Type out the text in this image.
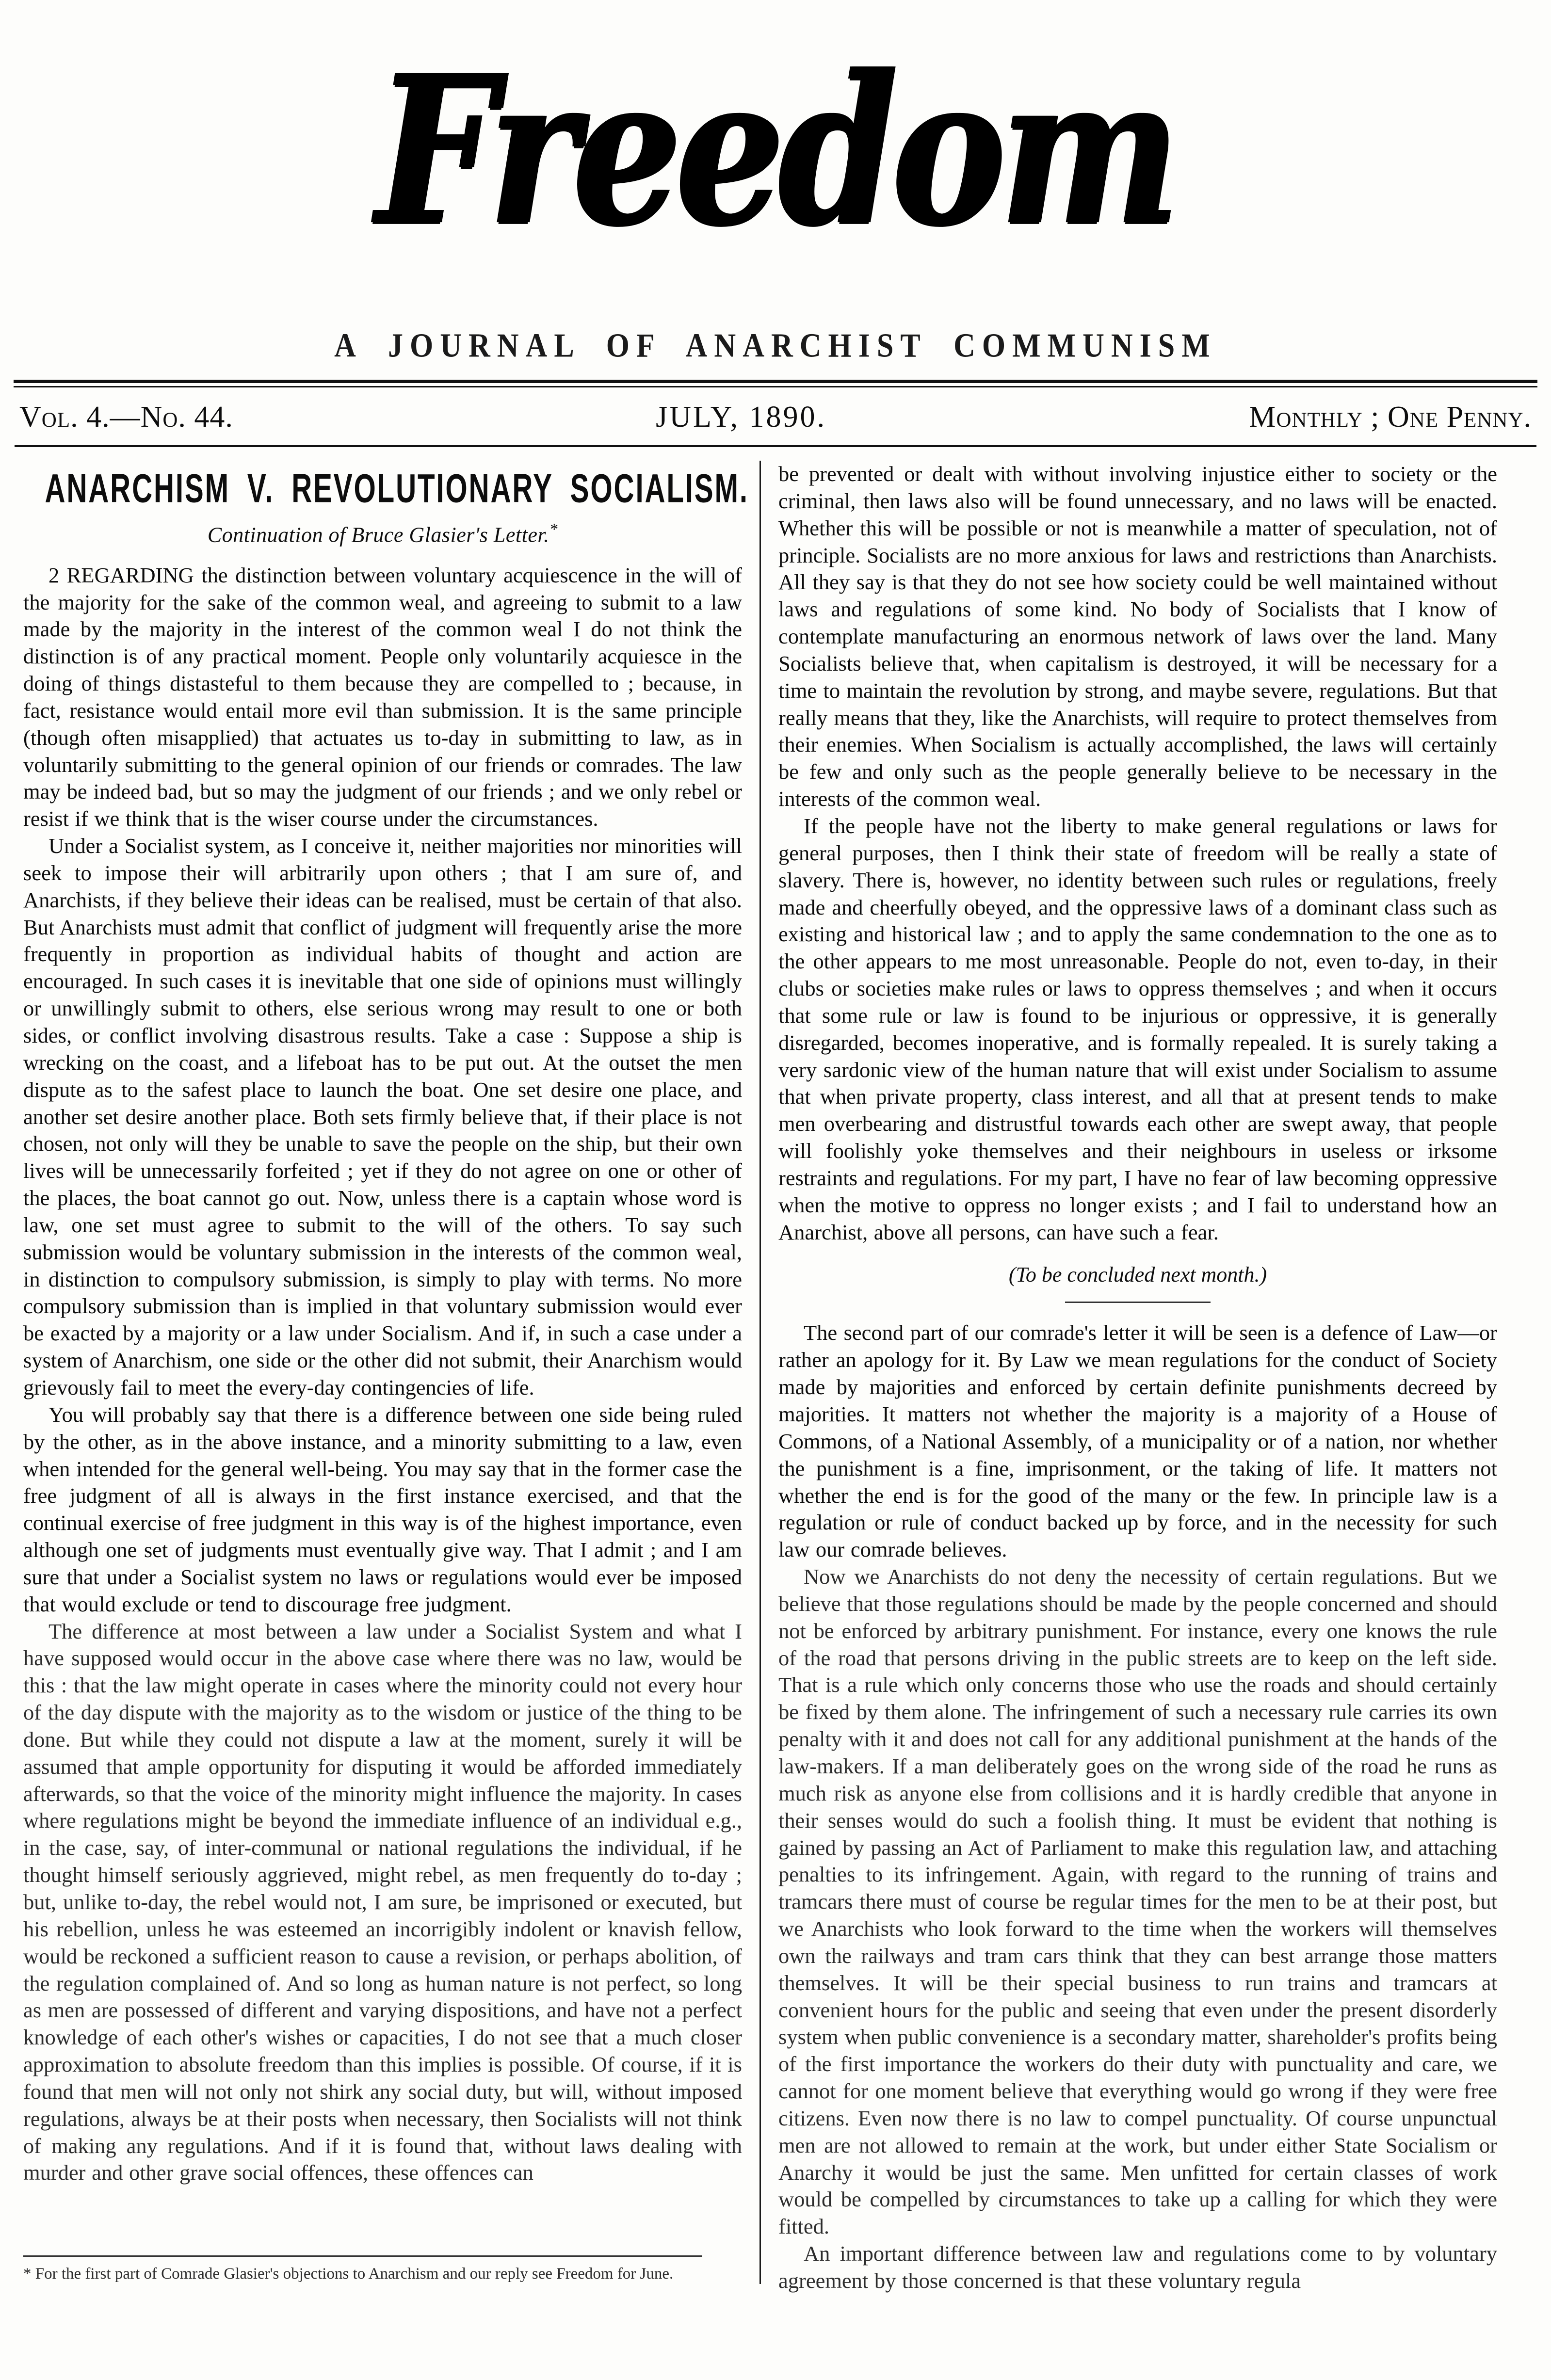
Freedom
A JOURNAL OF ANARCHIST COMMUNISM
Vol. 4.—No. 44.	JULY, 1890.	Monthly ; One Penny.
ANARCHISM V. REVOLUTIONARY SOCIALISM.
Continuation of Bruce Glasier's Letter.*

2 REGARDING the distinction between voluntary acquiescence in the will of the majority for the sake of the common weal, and agreeing to submit to a law made by the majority in the interest of the common weal I do not think the distinction is of any practical moment. People only voluntarily acquiesce in the doing of things distasteful to them because they are compelled to ; because, in fact, resistance would entail more evil than submission. It is the same principle (though often misapplied) that actuates us to-day in submitting to law, as in voluntarily submitting to the general opinion of our friends or comrades. The law may be indeed bad, but so may the judgment of our friends ; and we only rebel or resist if we think that is the wiser course under the circumstances.

Under a Socialist system, as I conceive it, neither majorities nor minorities will seek to impose their will arbitrarily upon others ; that I am sure of, and Anarchists, if they believe their ideas can be realised, must be certain of that also. But Anarchists must admit that conflict of judgment will frequently arise the more frequently in proportion as individual habits of thought and action are encouraged. In such cases it is inevitable that one side of opinions must willingly or unwillingly submit to others, else serious wrong may result to one or both sides, or conflict involving disastrous results. Take a case : Suppose a ship is wrecking on the coast, and a lifeboat has to be put out. At the outset the men dispute as to the safest place to launch the boat. One set desire one place, and another set desire another place. Both sets firmly believe that, if their place is not chosen, not only will they be unable to save the people on the ship, but their own lives will be unnecessarily forfeited ; yet if they do not agree on one or other of the places, the boat cannot go out. Now, unless there is a captain whose word is law, one set must agree to submit to the will of the others. To say such submission would be voluntary submission in the interests of the common weal, in distinction to compulsory submission, is simply to play with terms. No more compulsory submission than is implied in that voluntary submission would ever be exacted by a majority or a law under Socialism. And if, in such a case under a system of Anarchism, one side or the other did not submit, their Anarchism would grievously fail to meet the every-day contingencies of life.

You will probably say that there is a difference between one side being ruled by the other, as in the above instance, and a minority submitting to a law, even when intended for the general well-being. You may say that in the former case the free judgment of all is always in the first instance exercised, and that the continual exercise of free judgment in this way is of the highest importance, even although one set of judgments must eventually give way. That I admit ; and I am sure that under a Socialist system no laws or regulations would ever be imposed that would exclude or tend to discourage free judgment.

The difference at most between a law under a Socialist System and what I have supposed would occur in the above case where there was no law, would be this : that the law might operate in cases where the minority could not every hour of the day dispute with the majority as to the wisdom or justice of the thing to be done. But while they could not dispute a law at the moment, surely it will be assumed that ample opportunity for disputing it would be afforded immediately afterwards, so that the voice of the minority might influence the majority. In cases where regulations might be beyond the immediate influence of an individual e.g., in the case, say, of inter-communal or national regulations the individual, if he thought himself seriously aggrieved, might rebel, as men frequently do to-day ; but, unlike to-day, the rebel would not, I am sure, be imprisoned or executed, but his rebellion, unless he was esteemed an incorrigibly indolent or knavish fellow, would be reckoned a sufficient reason to cause a revision, or perhaps abolition, of the regulation complained of. And so long as human nature is not perfect, so long as men are possessed of different and varying dispositions, and have not a perfect knowledge of each other's wishes or capacities, I do not see that a much closer approximation to absolute freedom than this implies is possible. Of course, if it is found that men will not only not shirk any social duty, but will, without imposed regulations, always be at their posts when necessary, then Socialists will not think of making any regulations. And if it is found that, without laws dealing with murder and other grave social offences, these offences can

* For the first part of Comrade Glasier's objections to Anarchism and our reply see Freedom for June.

be prevented or dealt with without involving injustice either to society or the criminal, then laws also will be found unnecessary, and no laws will be enacted. Whether this will be possible or not is meanwhile a matter of speculation, not of principle. Socialists are no more anxious for laws and restrictions than Anarchists. All they say is that they do not see how society could be well maintained without laws and regulations of some kind. No body of Socialists that I know of contemplate manufacturing an enormous network of laws over the land. Many Socialists believe that, when capitalism is destroyed, it will be necessary for a time to maintain the revolution by strong, and maybe severe, regulations. But that really means that they, like the Anarchists, will require to protect themselves from their enemies. When Socialism is actually accomplished, the laws will certainly be few and only such as the people generally believe to be necessary in the interests of the common weal.

If the people have not the liberty to make general regulations or laws for general purposes, then I think their state of freedom will be really a state of slavery. There is, however, no identity between such rules or regulations, freely made and cheerfully obeyed, and the oppressive laws of a dominant class such as existing and historical law ; and to apply the same condemnation to the one as to the other appears to me most unreasonable. People do not, even to-day, in their clubs or societies make rules or laws to oppress themselves ; and when it occurs that some rule or law is found to be injurious or oppressive, it is generally disregarded, becomes inoperative, and is formally repealed. It is surely taking a very sardonic view of the human nature that will exist under Socialism to assume that when private property, class interest, and all that at present tends to make men overbearing and distrustful towards each other are swept away, that people will foolishly yoke themselves and their neighbours in useless or irksome restraints and regulations. For my part, I have no fear of law becoming oppressive when the motive to oppress no longer exists ; and I fail to understand how an Anarchist, above all persons, can have such a fear.

(To be concluded next month.)

The second part of our comrade's letter it will be seen is a defence of Law—or rather an apology for it. By Law we mean regulations for the conduct of Society made by majorities and enforced by certain definite punishments decreed by majorities. It matters not whether the majority is a majority of a House of Commons, of a National Assembly, of a municipality or of a nation, nor whether the punishment is a fine, imprisonment, or the taking of life. It matters not whether the end is for the good of the many or the few. In principle law is a regulation or rule of conduct backed up by force, and in the necessity for such law our comrade believes.

Now we Anarchists do not deny the necessity of certain regulations. But we believe that those regulations should be made by the people concerned and should not be enforced by arbitrary punishment. For instance, every one knows the rule of the road that persons driving in the public streets are to keep on the left side. That is a rule which only concerns those who use the roads and should certainly be fixed by them alone. The infringement of such a necessary rule carries its own penalty with it and does not call for any additional punishment at the hands of the law-makers. If a man deliberately goes on the wrong side of the road he runs as much risk as anyone else from collisions and it is hardly credible that anyone in their senses would do such a foolish thing. It must be evident that nothing is gained by passing an Act of Parliament to make this regulation law, and attaching penalties to its infringement. Again, with regard to the running of trains and tramcars there must of course be regular times for the men to be at their post, but we Anarchists who look forward to the time when the workers will themselves own the railways and tram cars think that they can best arrange those matters themselves. It will be their special business to run trains and tramcars at convenient hours for the public and seeing that even under the present disorderly system when public convenience is a secondary matter, shareholder's profits being of the first importance the workers do their duty with punctuality and care, we cannot for one moment believe that everything would go wrong if they were free citizens. Even now there is no law to compel punctuality. Of course unpunctual men are not allowed to remain at the work, but under either State Socialism or Anarchy it would be just the same. Men unfitted for certain classes of work would be compelled by circumstances to take up a calling for which they were fitted.

An important difference between law and regulations come to by voluntary agreement by those concerned is that these voluntary regula
